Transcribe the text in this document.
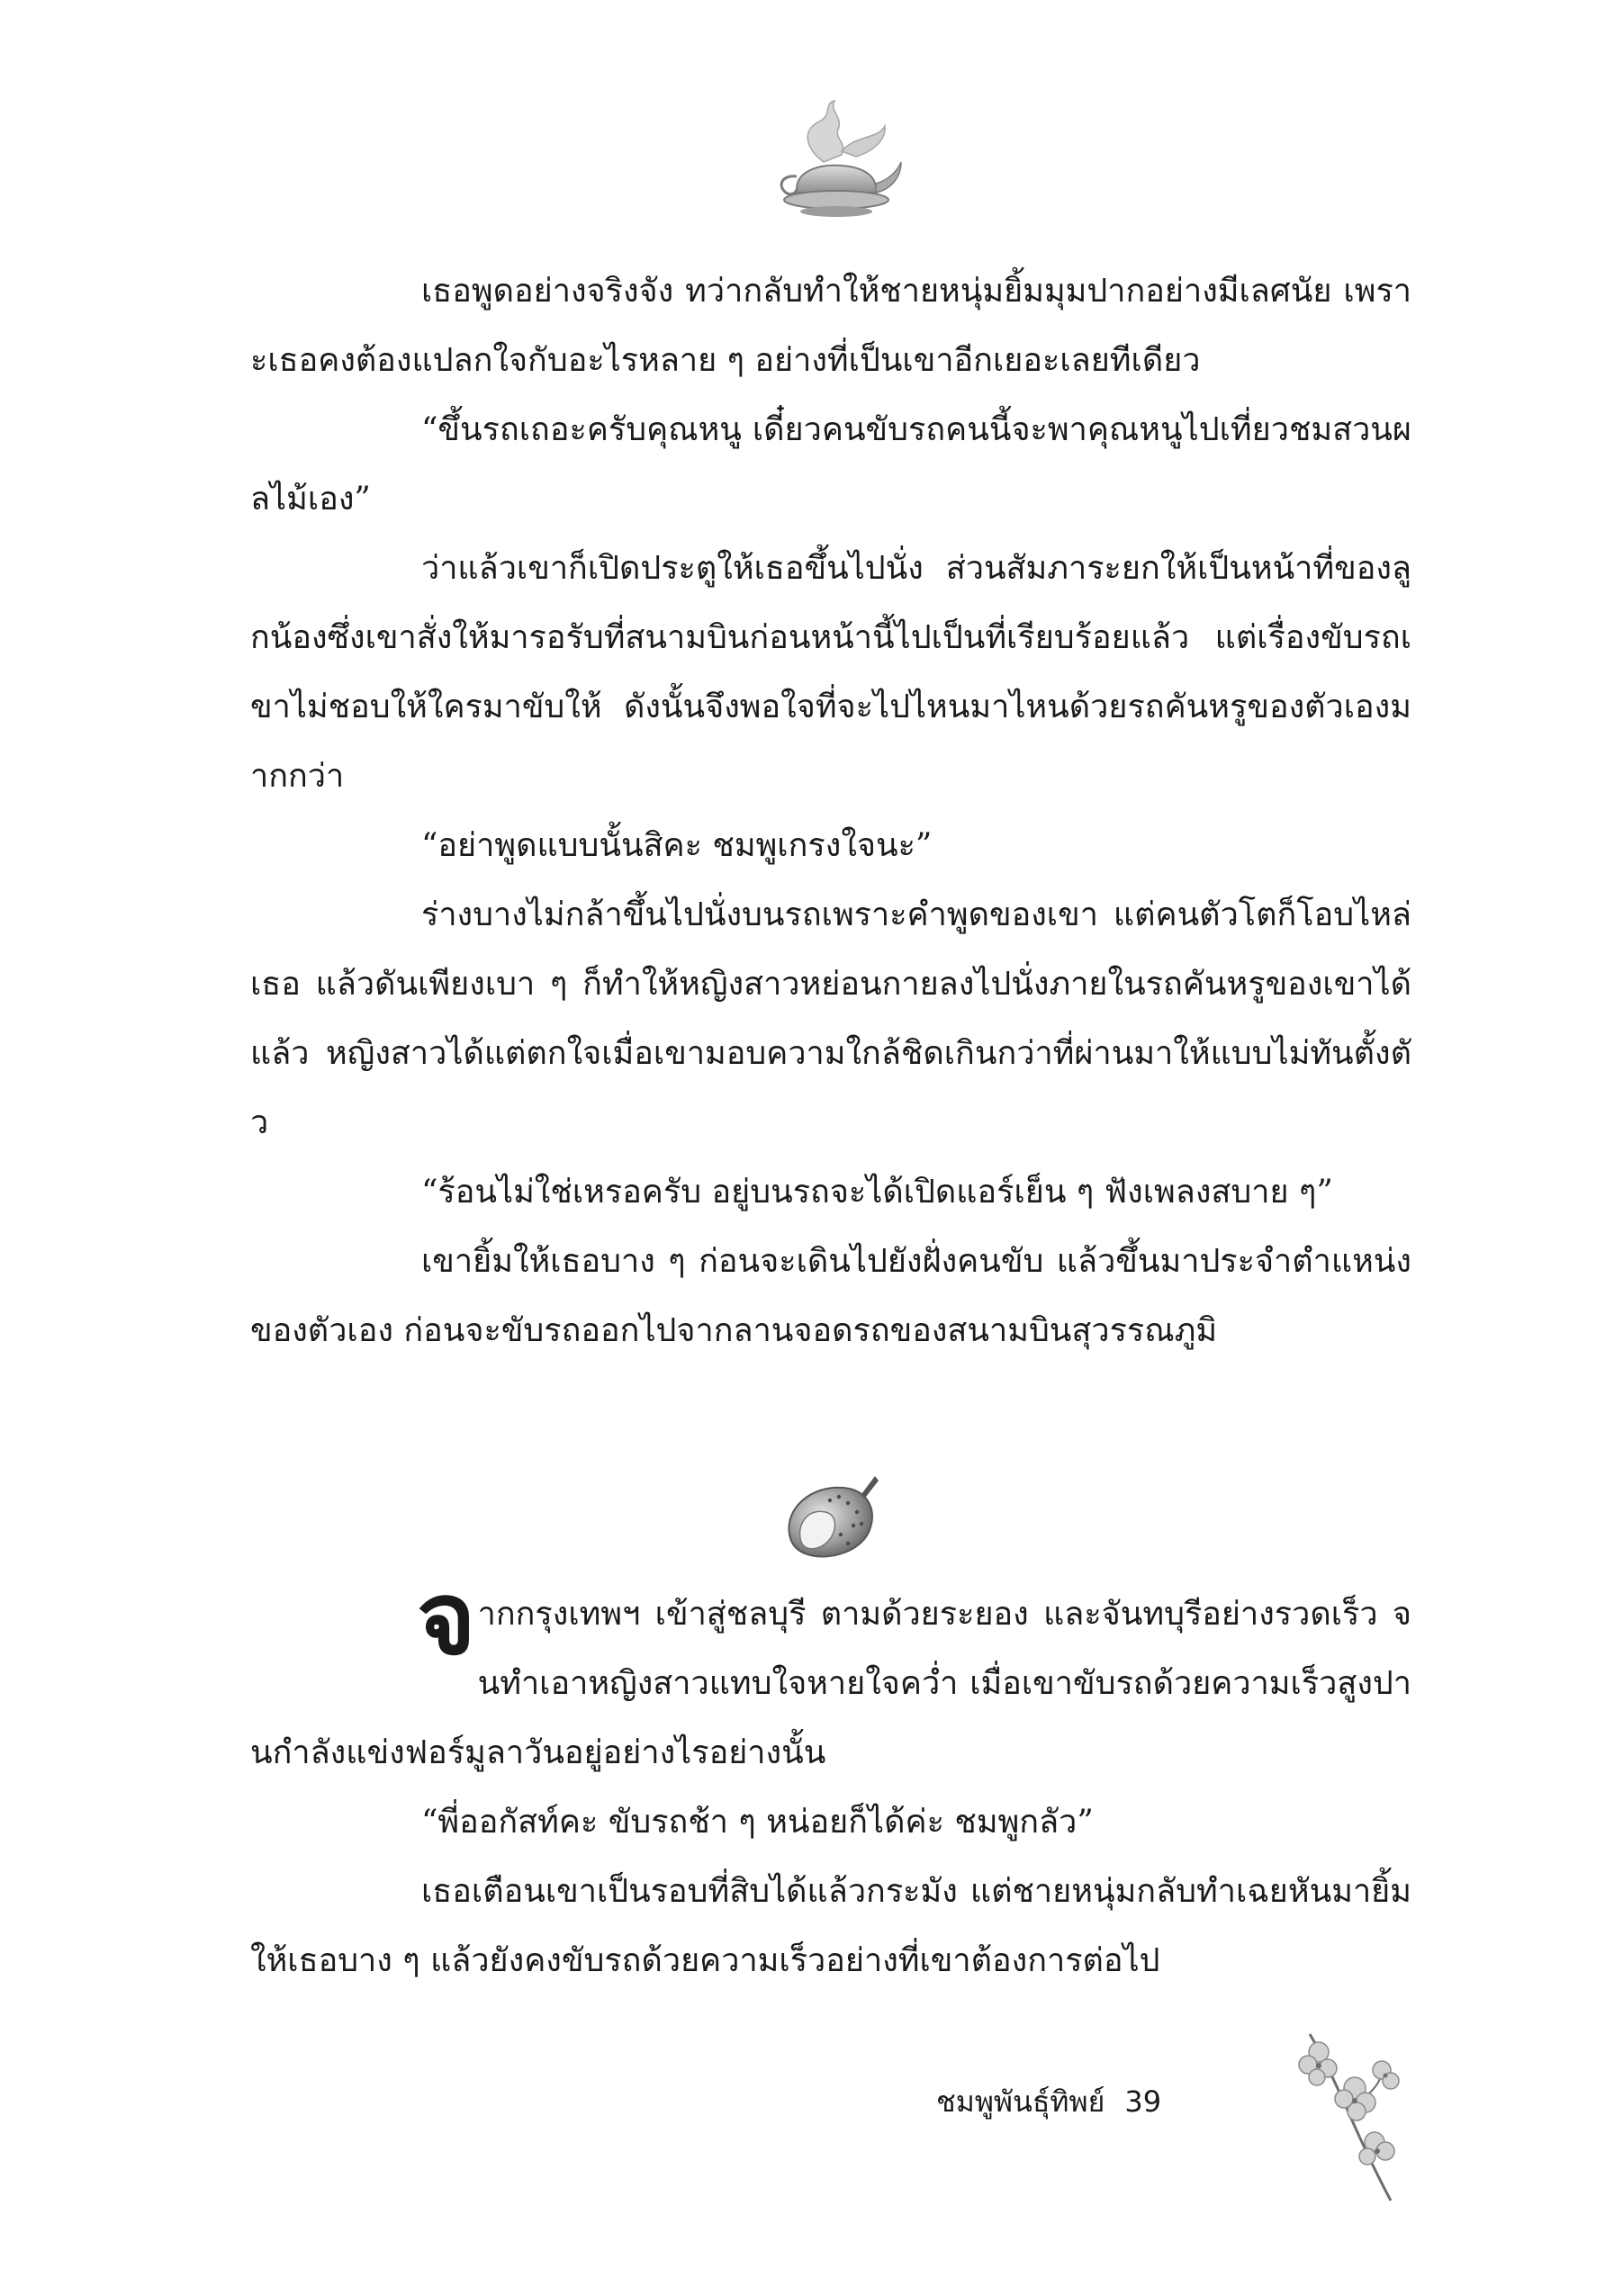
เธอพูดอย่างจริงจัง ทว่ากลับทำให้ชายหนุ่มยิ้มมุมปากอย่างมีเลศนัย เพราะเธอคงต้องแปลกใจกับอะไรหลาย ๆ อย่างที่เป็นเขาอีกเยอะเลยทีเดียว

“ขึ้นรถเถอะครับคุณหนู เดี๋ยวคนขับรถคนนี้จะพาคุณหนูไปเที่ยวชมสวนผลไม้เอง”

ว่าแล้วเขาก็เปิดประตูให้เธอขึ้นไปนั่ง ส่วนสัมภาระยกให้เป็นหน้าที่ของลูกน้องซึ่งเขาสั่งให้มารอรับที่สนามบินก่อนหน้านี้ไปเป็นที่เรียบร้อยแล้ว แต่เรื่องขับรถเขาไม่ชอบให้ใครมาขับให้ ดังนั้นจึงพอใจที่จะไปไหนมาไหนด้วยรถคันหรูของตัวเองมากกว่า

“อย่าพูดแบบนั้นสิคะ ชมพูเกรงใจนะ”

ร่างบางไม่กล้าขึ้นไปนั่งบนรถเพราะคำพูดของเขา แต่คนตัวโตก็โอบไหล่เธอ แล้วดันเพียงเบา ๆ ก็ทำให้หญิงสาวหย่อนกายลงไปนั่งภายในรถคันหรูของเขาได้แล้ว หญิงสาวได้แต่ตกใจเมื่อเขามอบความใกล้ชิดเกินกว่าที่ผ่านมาให้แบบไม่ทันตั้งตัว

“ร้อนไม่ใช่เหรอครับ อยู่บนรถจะได้เปิดแอร์เย็น ๆ ฟังเพลงสบาย ๆ”

เขายิ้มให้เธอบาง ๆ ก่อนจะเดินไปยังฝั่งคนขับ แล้วขึ้นมาประจำตำแหน่งของตัวเอง ก่อนจะขับรถออกไปจากลานจอดรถของสนามบินสุวรรณภูมิ

จากกรุงเทพฯ เข้าสู่ชลบุรี ตามด้วยระยอง และจันทบุรีอย่างรวดเร็ว จนทำเอาหญิงสาวแทบใจหายใจคว่ำ เมื่อเขาขับรถด้วยความเร็วสูงปานกำลังแข่งฟอร์มูลาวันอยู่อย่างไรอย่างนั้น

“พี่ออกัสท์คะ ขับรถช้า ๆ หน่อยก็ได้ค่ะ ชมพูกลัว”

เธอเตือนเขาเป็นรอบที่สิบได้แล้วกระมัง แต่ชายหนุ่มกลับทำเฉยหันมายิ้มให้เธอบาง ๆ แล้วยังคงขับรถด้วยความเร็วอย่างที่เขาต้องการต่อไป

ชมพูพันธุ์ทิพย์ 39
